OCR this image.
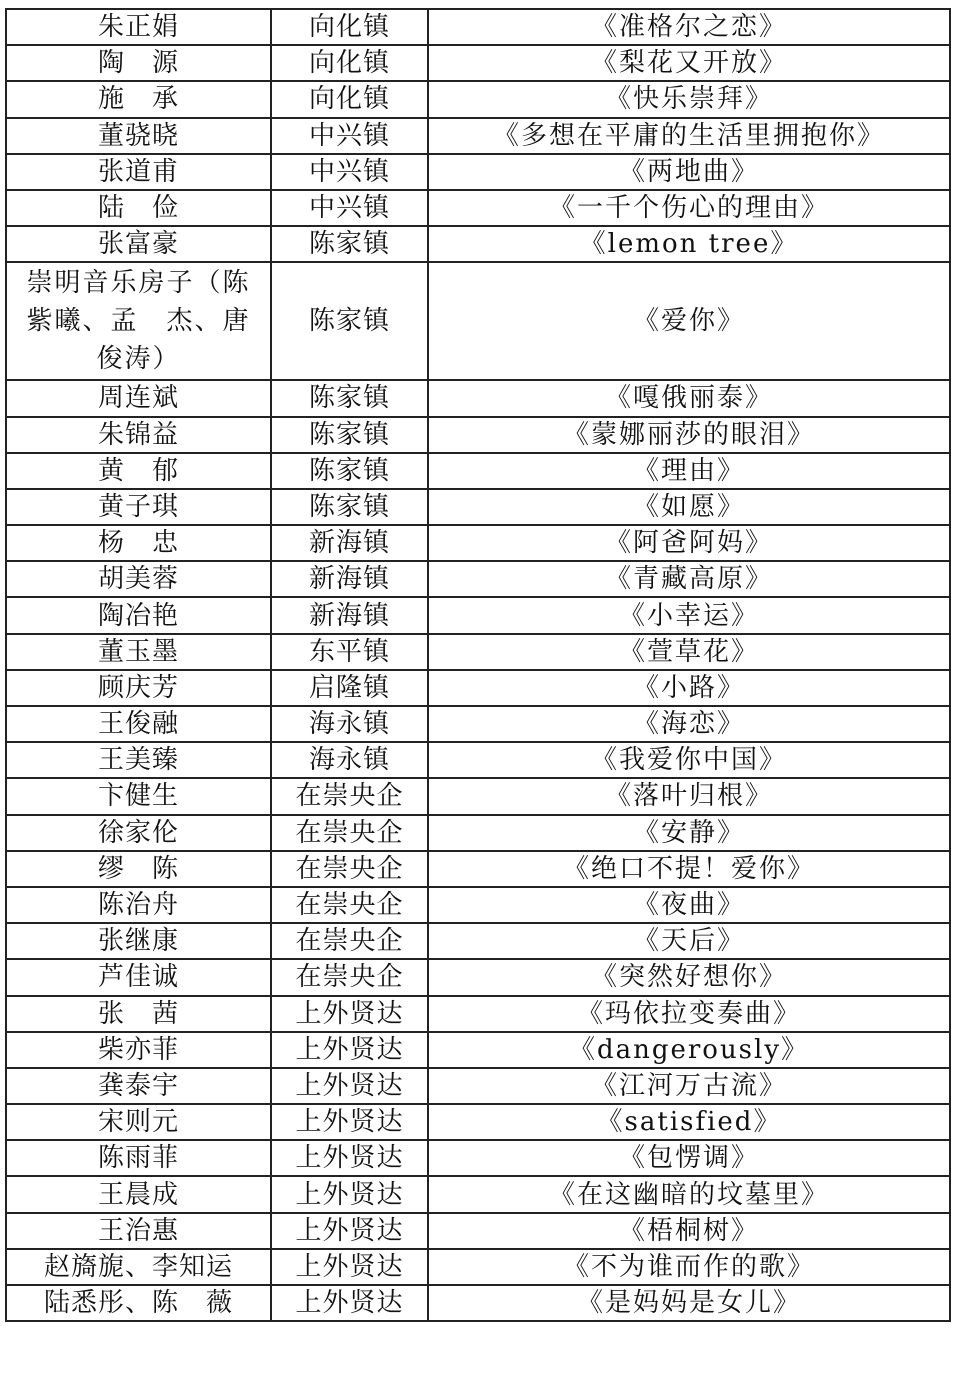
朱正娟	向化镇	《准格尔之恋》
陶　源	向化镇	《梨花又开放》
施　承	向化镇	《快乐崇拜》
董骁晓	中兴镇	《多想在平庸的生活里拥抱你》
张道甫	中兴镇	《两地曲》
陆　俭	中兴镇	《一千个伤心的理由》
张富豪	陈家镇	《lemon tree》
崇明音乐房子（陈紫曦、孟　杰、唐俊涛）	陈家镇	《爱你》
周连斌	陈家镇	《嘎俄丽泰》
朱锦益	陈家镇	《蒙娜丽莎的眼泪》
黄　郁	陈家镇	《理由》
黄子琪	陈家镇	《如愿》
杨　忠	新海镇	《阿爸阿妈》
胡美蓉	新海镇	《青藏高原》
陶冶艳	新海镇	《小幸运》
董玉墨	东平镇	《萱草花》
顾庆芳	启隆镇	《小路》
王俊融	海永镇	《海恋》
王美臻	海永镇	《我爱你中国》
卞健生	在崇央企	《落叶归根》
徐家伦	在崇央企	《安静》
缪　陈	在崇央企	《绝口不提！爱你》
陈治舟	在崇央企	《夜曲》
张继康	在崇央企	《天后》
芦佳诚	在崇央企	《突然好想你》
张　茜	上外贤达	《玛依拉变奏曲》
柴亦菲	上外贤达	《dangerously》
龚泰宇	上外贤达	《江河万古流》
宋则元	上外贤达	《satisfied》
陈雨菲	上外贤达	《包愣调》
王晨成	上外贤达	《在这幽暗的坟墓里》
王治惠	上外贤达	《梧桐树》
赵旖旎、李知运	上外贤达	《不为谁而作的歌》
陆悉彤、陈　薇	上外贤达	《是妈妈是女儿》
